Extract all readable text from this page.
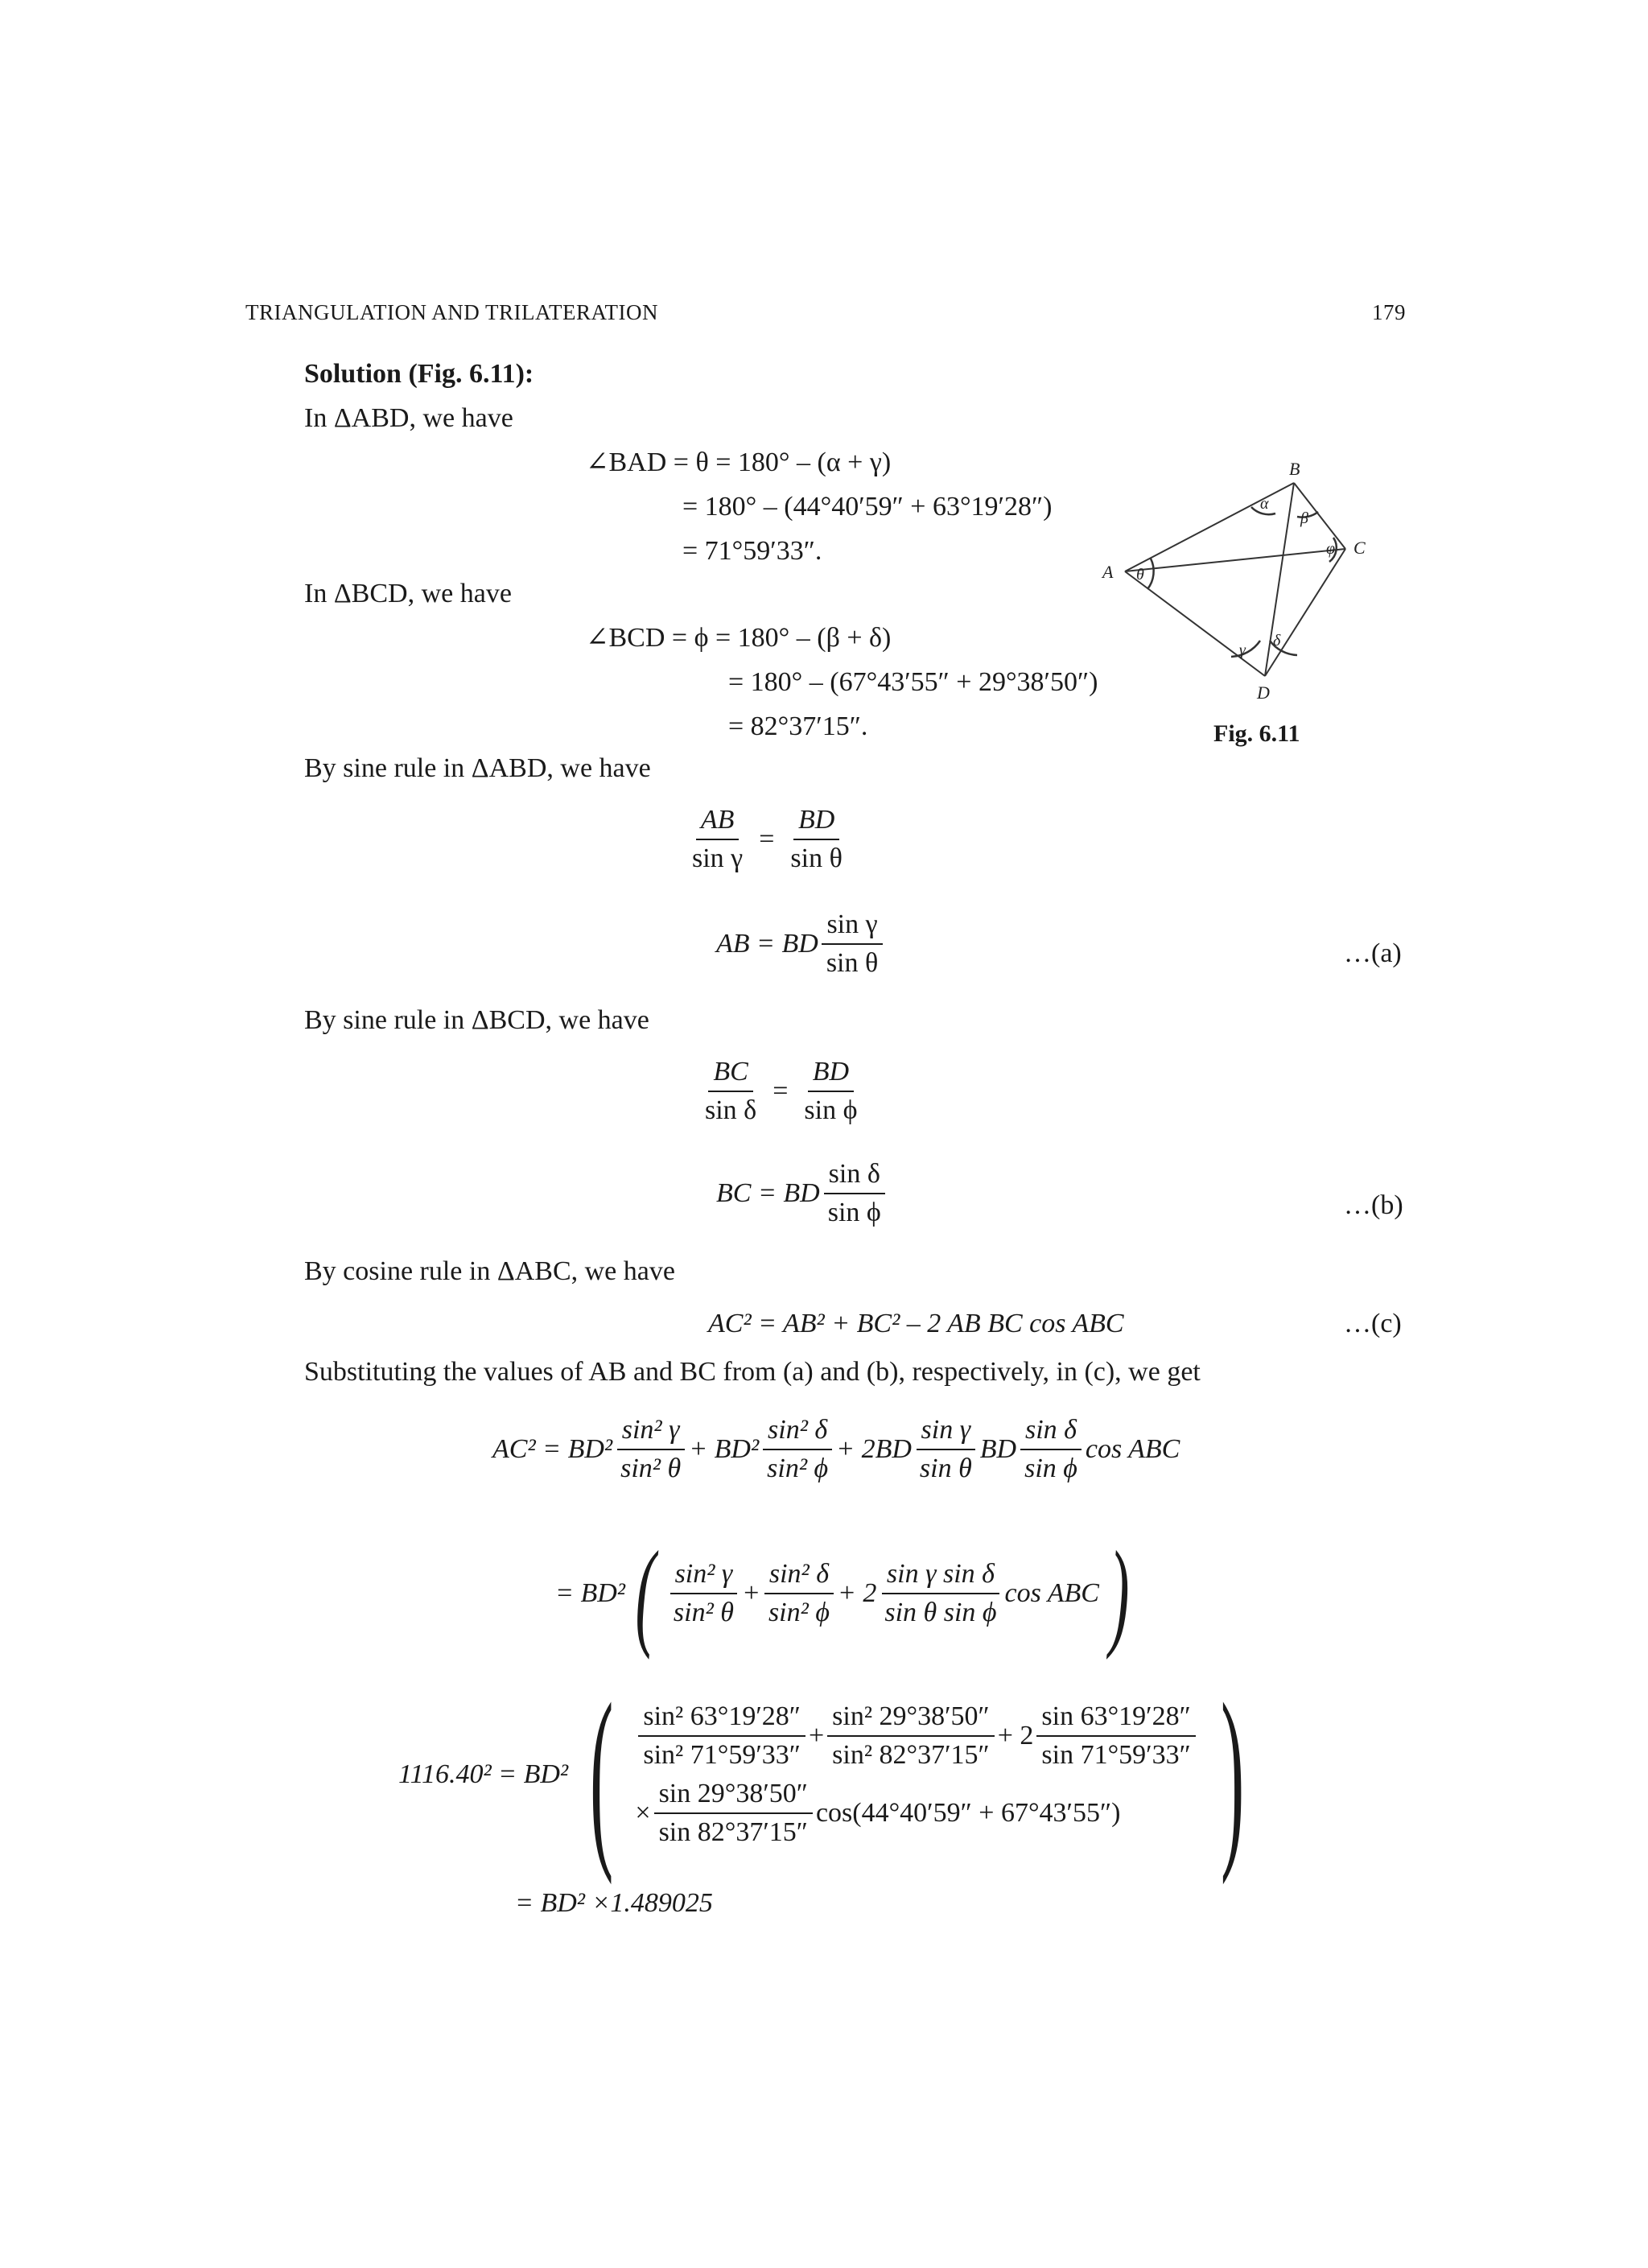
TRIANGULATION AND TRILATERATION	179
Solution (Fig. 6.11):
In ΔABD, we have
∠BAD = θ = 180° – (α + γ)
= 180° – (44°40′59″ + 63°19′28″)
= 71°59′33″.
In ΔBCD, we have
∠BCD = ϕ = 180° – (β + δ)
= 180° – (67°43′55″ + 29°38′50″)
= 82°37′15″.
A
B
C
D
α
β
γ
δ
θ
φ
Fig. 6.11
By sine rule in ΔABD, we have
$\frac{AB}{\text{sin γ}} = \frac{BD}{\text{sin θ}}$
AB = BD $\frac{\text{sin γ}}{\text{sin θ}}$	…(a)
By sine rule in ΔBCD, we have
$\frac{BC}{\text{sin δ}} = \frac{BD}{\text{sin ϕ}}$
BC = BD $\frac{\text{sin δ}}{\text{sin ϕ}}$	…(b)
By cosine rule in ΔABC, we have
AC² = AB² + BC² – 2 AB BC cos ABC	…(c)
Substituting the values of AB and BC from (a) and (b), respectively, in (c), we get
$AC^2 = BD^2 \frac{\text{sin² γ}}{\text{sin² θ}} + BD^2 \frac{\text{sin² δ}}{\text{sin² ϕ}} + 2BD \frac{\text{sin γ}}{\text{sin θ}}$ BD $\frac{\text{sin δ}}{\text{sin ϕ}}$ cos ABC
= BD² ( $\frac{\text{sin² γ}}{\text{sin² θ}} + \frac{\text{sin² δ}}{\text{sin² ϕ}} + 2 \frac{\text{sin γ sin δ}}{\text{sin θ sin ϕ}}$ cos ABC )
1116.40² = BD² ( $\frac{\text{sin² 63°19′28″}}{\text{sin² 71°59′33″}} + \frac{\text{sin² 29°38′50″}}{\text{sin² 82°37′15″}} + 2 \frac{\sin 63^\circ 19'28''}{\sin 71^\circ 59'33''}$
× $\frac{\sin 29^\circ 38'50''}{\sin 82^\circ 37'15''} \cos(44^\circ 40'59'' + 67^\circ 43'55'')$ )
= BD² ×1.489025
